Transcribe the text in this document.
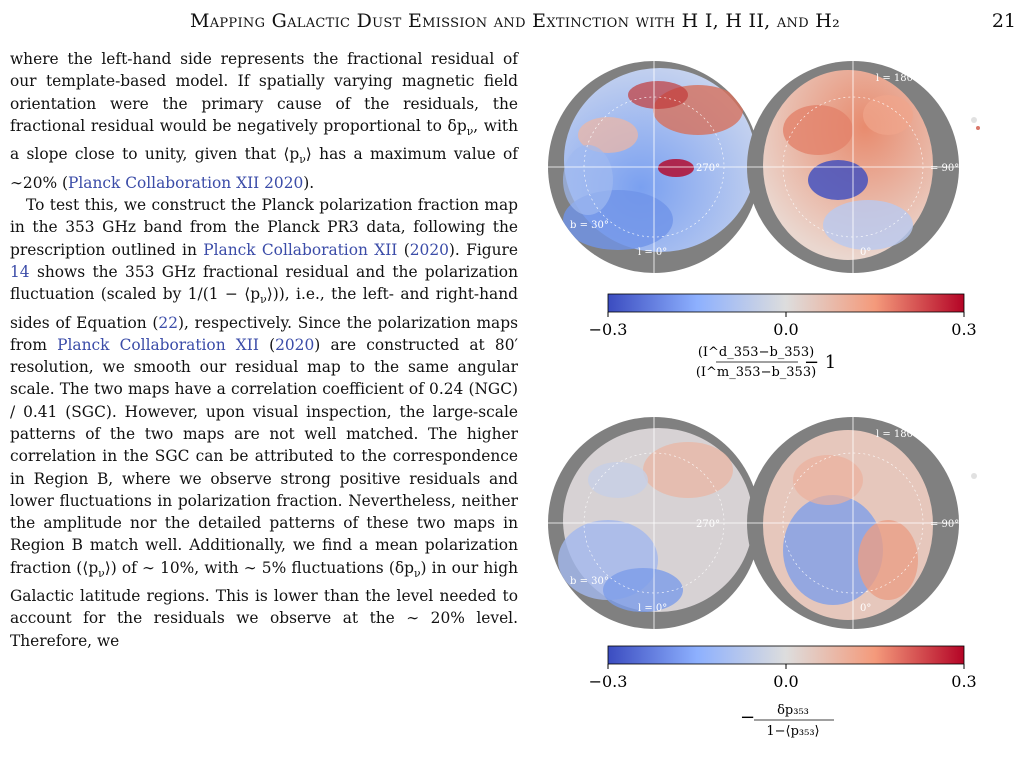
Mapping Galactic Dust Emission and Extinction with H I, H II, and H₂	21

where the left-hand side represents the fractional residual of our template-based model. If spatially varying magnetic field orientation were the primary cause of the residuals, the fractional residual would be negatively proportional to $\delta p_\nu$, with a slope close to unity, given that $⟨p_\nu⟩$ has a maximum value of ∼20% (Planck Collaboration XII 2020).

To test this, we construct the Planck polarization fraction map in the 353 GHz band from the Planck PR3 data, following the prescription outlined in Planck Collaboration XII (2020). Figure 14 shows the 353 GHz fractional residual and the polarization fluctuation (scaled by $1/(1 - ⟨p_\nu⟩)$), i.e., the left- and right-hand sides of Equation (22), respectively. Since the polarization maps from Planck Collaboration XII (2020) are constructed at 80′ resolution, we smooth our residual map to the same angular scale. The two maps have a correlation coefficient of 0.24 (NGC) / 0.41 (SGC). However, upon visual inspection, the large-scale patterns of the two maps are not well matched. The higher correlation in the SGC can be attributed to the correspondence in Region B, where we observe strong positive residuals and lower fluctuations in polarization fraction. Nevertheless, neither the amplitude nor the detailed patterns of these two maps in Region B match well. Additionally, we find a mean polarization fraction $(⟨p_\nu⟩)$ of ∼ 10%, with ∼ 5% fluctuations $(\delta p_\nu)$ in our high Galactic latitude regions. This is lower than the level needed to account for the residuals we observe at the ∼ 20% level. Therefore, we

l = 180°
= 90°
0°
l = 0°
270°
b = 30°
−0.3	0.0	0.3
(I^d_353−b_353)
(I^m_353−b_353)
− 1
l = 180°
= 90°
0°
l = 0°
270°
b = 30°
−0.3	0.0	0.3
− δp₃₅₃
1−⟨p₃₅₃⟩
